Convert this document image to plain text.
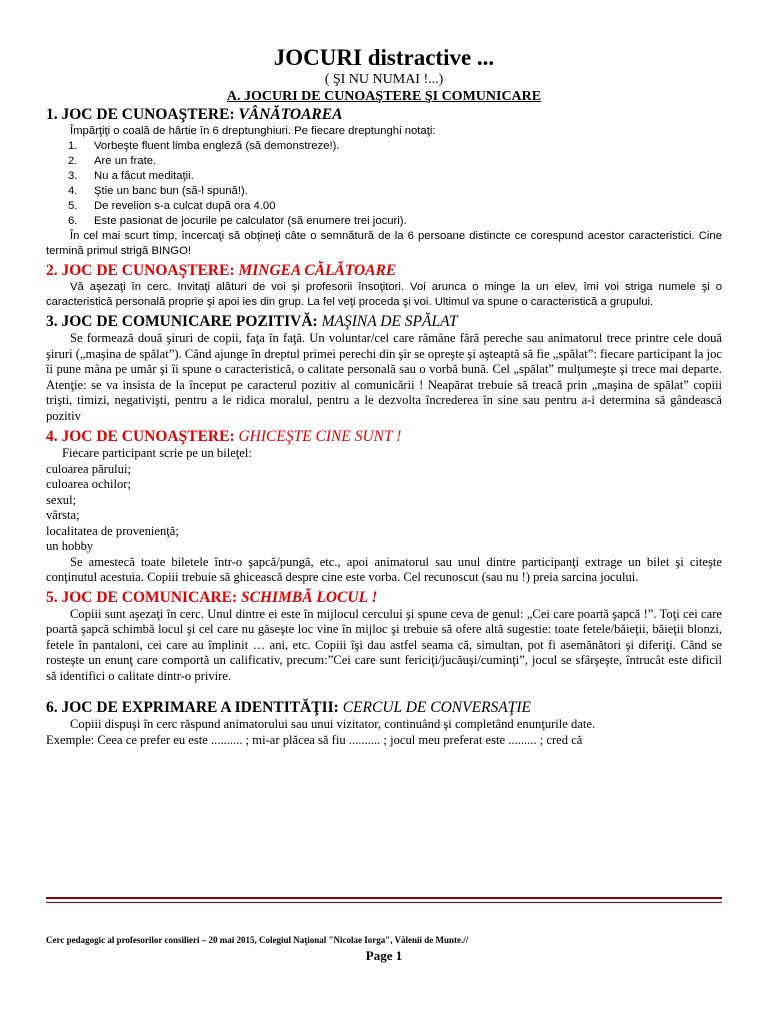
JOCURI distractive ...
( ŞI NU NUMAI !...)
A. JOCURI DE CUNOAŞTERE ŞI COMUNICARE
1. JOC DE CUNOAŞTERE: VÂNĂTOAREA
Împărţiţi o coală de hârtie în 6 dreptunghiuri. Pe fiecare dreptunghi notaţi:
1. Vorbeşte fluent limba engleză (să demonstreze!).
2. Are un frate.
3. Nu a făcut meditaţii.
4. Ştie un banc bun (să-l spună!).
5. De revelion s-a culcat după ora 4.00
6. Este pasionat de jocurile pe calculator (să enumere trei jocuri).
În cel mai scurt timp, încercaţi să obţineţi câte o semnătură de la 6 persoane distincte ce corespund acestor caracteristici. Cine termină primul strigă BINGO!
2. JOC DE CUNOAŞTERE: MINGEA CĂLĂTOARE
Vă aşezaţi în cerc. Invitaţi alături de voi şi profesorii însoţitori. Voi arunca o minge la un elev, îmi voi striga numele şi o caracteristică personală proprie şi apoi ies din grup. La fel veţi proceda şi voi. Ultimul va spune o caracteristică a grupului.
3. JOC DE COMUNICARE POZITIVĂ: MAŞINA DE SPĂLAT
Se formează două şiruri de copii, faţa în faţă. Un voluntar/cel care rămâne fără pereche sau animatorul trece printre cele două şiruri („maşina de spălat”). Când ajunge în dreptul primei perechi din şir se opreşte şi aşteaptă să fie „spălat”: fiecare participant la joc îi pune mâna pe umăr şi îi spune o caracteristică, o calitate personală sau o vorbă bună. Cel „spălat” mulţumeşte şi trece mai departe. Atenţie: se va insista de la început pe caracterul pozitiv al comunicării ! Neapărat trebuie să treacă prin „maşina de spălat” copiii trişti, timizi, negativişti, pentru a le ridica moralul, pentru a le dezvolta încrederea în sine sau pentru a-i determina să gândească pozitiv
4. JOC DE CUNOAŞTERE: GHICEŞTE CINE SUNT !
Fiecare participant scrie pe un bileţel:
culoarea părului;
culoarea ochilor;
sexul;
vârsta;
localitatea de provenienţă;
un hobby
Se amestecă toate biletele într-o şapcă/pungă, etc., apoi animatorul sau unul dintre participanţi extrage un bilet şi citeşte conţinutul acestuia. Copiii trebuie să ghicească despre cine este vorba. Cel recunoscut (sau nu !) preia sarcina jocului.
5. JOC DE COMUNICARE: SCHIMBĂ LOCUL !
Copiii sunt aşezaţi în cerc. Unul dintre ei este în mijlocul cercului şi spune ceva de genul: „Cei care poartă şapcă !”. Toţi cei care poartă şapcă schimbă locul şi cel care nu găseşte loc vine în mijloc şi trebuie să ofere altă sugestie: toate fetele/băieţii, băieţii blonzi, fetele în pantaloni, cei care au împlinit … ani, etc. Copiii îşi dau astfel seama că, simultan, pot fi asemănători şi diferiţi. Când se rosteşte un enunţ care comportă un calificativ, precum:”Cei care sunt fericiţi/jucăuşi/cuminţi”, jocul se sfârşeşte, întrucât este dificil să identifici o calitate dintr-o privire.
6. JOC DE EXPRIMARE A IDENTITĂŢII: CERCUL DE CONVERSAŢIE
Copiii dispuşi în cerc răspund animatorului sau unui vizitator, continuând şi completând enunţurile date.
Exemple: Ceea ce prefer eu este .......... ; mi-ar plăcea să fiu .......... ; jocul meu preferat este ......... ; cred că
Cerc pedagogic al profesorilor consilieri – 20 mai 2015, Colegiul Naţional "Nicolae Iorga", Vălenii de Munte.//
Page 1
